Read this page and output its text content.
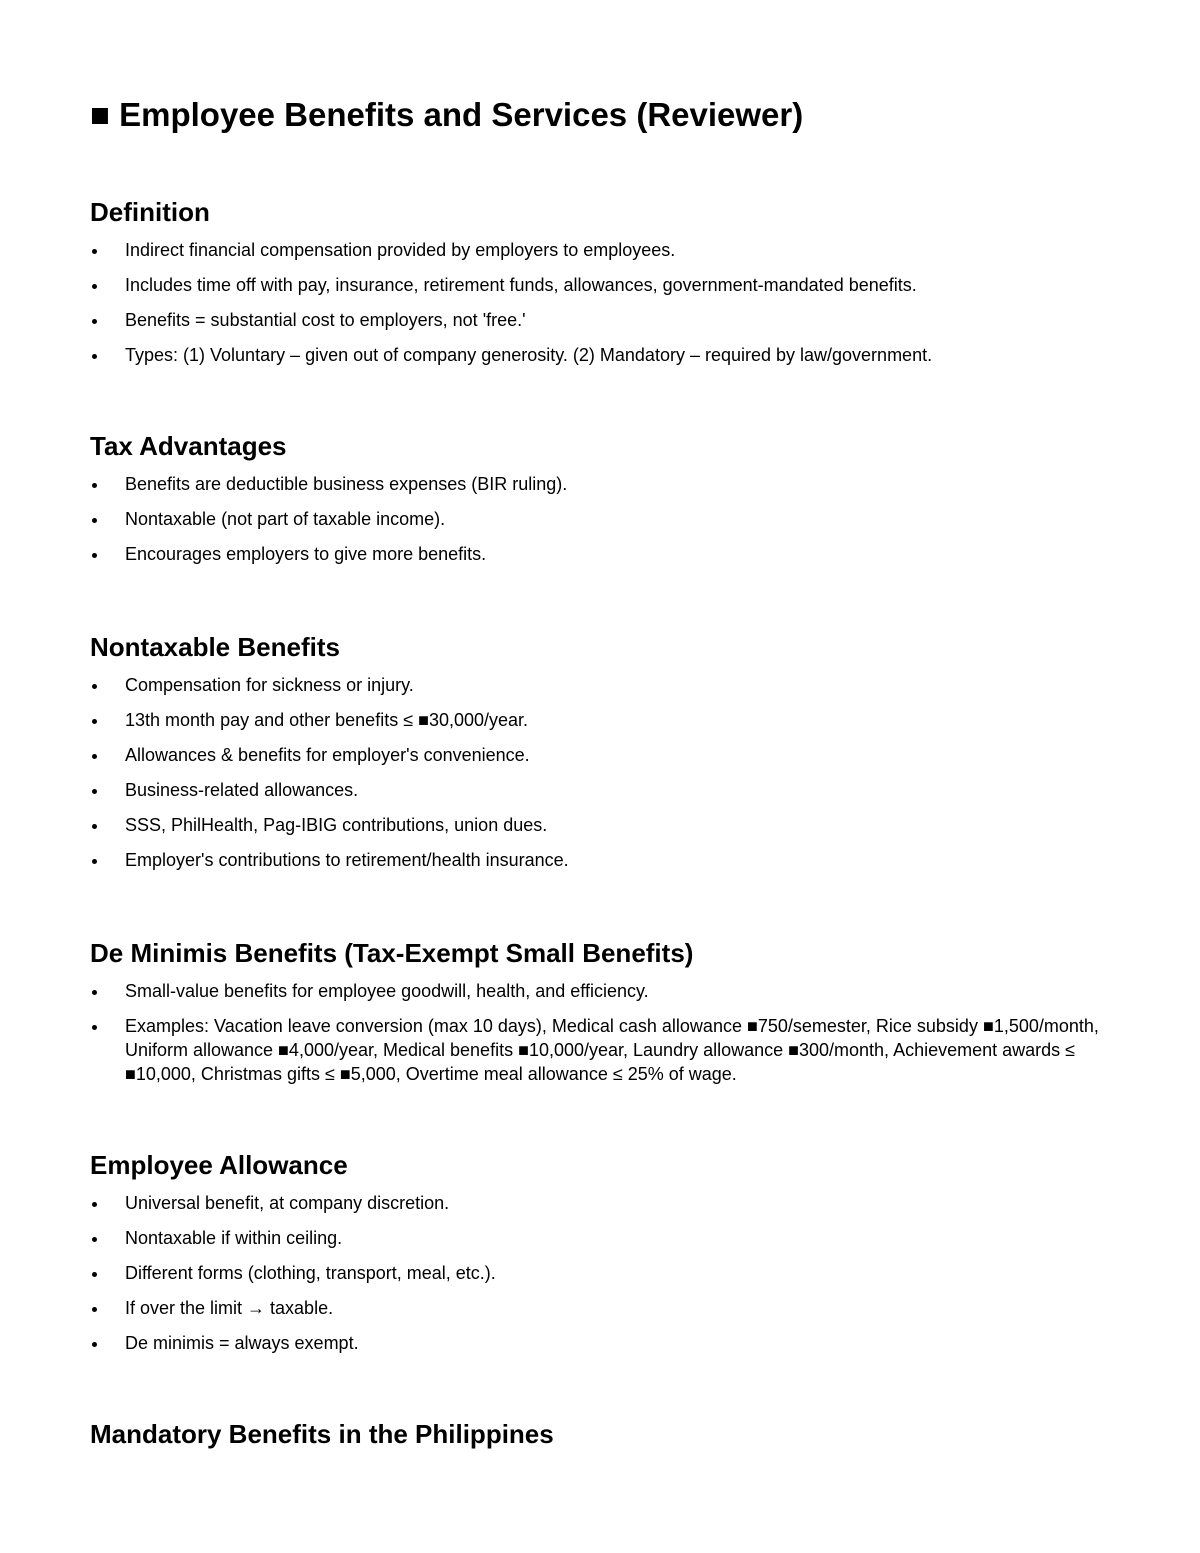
■ Employee Benefits and Services (Reviewer)
Definition
Indirect financial compensation provided by employers to employees.
Includes time off with pay, insurance, retirement funds, allowances, government-mandated benefits.
Benefits = substantial cost to employers, not 'free.'
Types: (1) Voluntary – given out of company generosity. (2) Mandatory – required by law/government.
Tax Advantages
Benefits are deductible business expenses (BIR ruling).
Nontaxable (not part of taxable income).
Encourages employers to give more benefits.
Nontaxable Benefits
Compensation for sickness or injury.
13th month pay and other benefits ≤ ■30,000/year.
Allowances & benefits for employer's convenience.
Business-related allowances.
SSS, PhilHealth, Pag-IBIG contributions, union dues.
Employer's contributions to retirement/health insurance.
De Minimis Benefits (Tax-Exempt Small Benefits)
Small-value benefits for employee goodwill, health, and efficiency.
Examples: Vacation leave conversion (max 10 days), Medical cash allowance ■750/semester, Rice subsidy ■1,500/month, Uniform allowance ■4,000/year, Medical benefits ■10,000/year, Laundry allowance ■300/month, Achievement awards ≤ ■10,000, Christmas gifts ≤ ■5,000, Overtime meal allowance ≤ 25% of wage.
Employee Allowance
Universal benefit, at company discretion.
Nontaxable if within ceiling.
Different forms (clothing, transport, meal, etc.).
If over the limit → taxable.
De minimis = always exempt.
Mandatory Benefits in the Philippines
